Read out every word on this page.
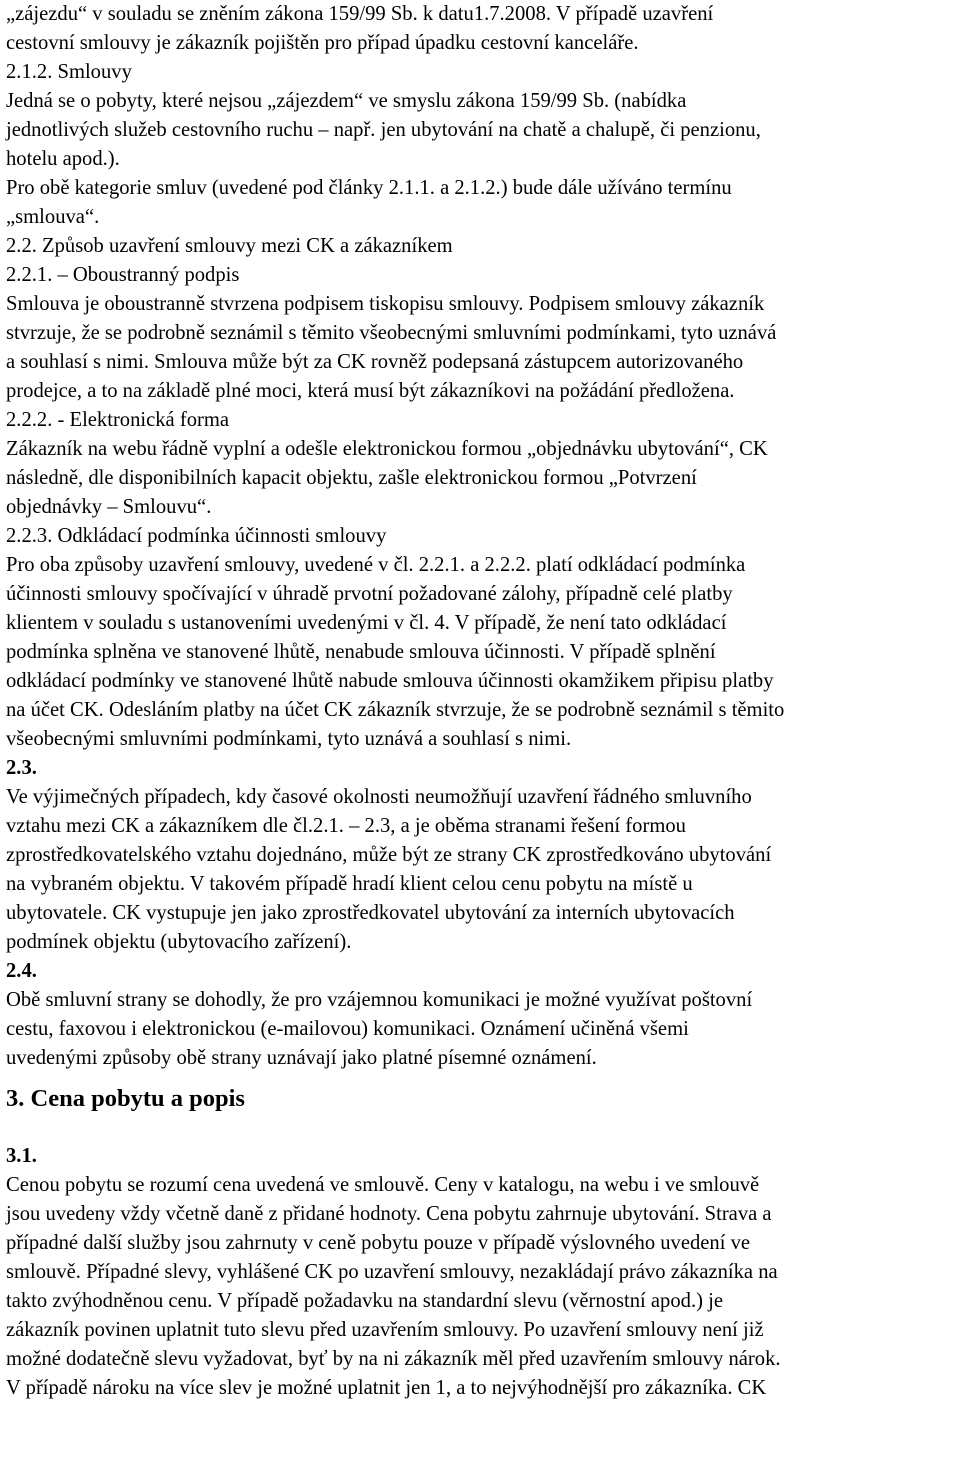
„zájezdu“ v souladu se zněním zákona 159/99 Sb. k datu1.7.2008. V případě uzavření
cestovní smlouvy je zákazník pojištěn pro případ úpadku cestovní kanceláře.
2.1.2. Smlouvy
Jedná se o pobyty, které nejsou „zájezdem“ ve smyslu zákona 159/99 Sb. (nabídka
jednotlivých služeb cestovního ruchu – např. jen ubytování na chatě a chalupě, či penzionu,
hotelu apod.).
Pro obě kategorie smluv (uvedené pod články 2.1.1. a 2.1.2.) bude dále užíváno termínu
„smlouva“.
2.2. Způsob uzavření smlouvy mezi CK a zákazníkem
2.2.1. – Oboustranný podpis
Smlouva je oboustranně stvrzena podpisem tiskopisu smlouvy. Podpisem smlouvy zákazník
stvrzuje, že se podrobně seznámil s těmito všeobecnými smluvními podmínkami, tyto uznává
a souhlasí s nimi. Smlouva může být za CK rovněž podepsaná zástupcem autorizovaného
prodejce, a to na základě plné moci, která musí být zákazníkovi na požádání předložena.
2.2.2. - Elektronická forma
Zákazník na webu řádně vyplní a odešle elektronickou formou „objednávku ubytování“, CK
následně, dle disponibilních kapacit objektu, zašle elektronickou formou „Potvrzení
objednávky – Smlouvu“.
2.2.3. Odkládací podmínka účinnosti smlouvy
Pro oba způsoby uzavření smlouvy, uvedené v čl. 2.2.1. a 2.2.2. platí odkládací podmínka
účinnosti smlouvy spočívající v úhradě prvotní požadované zálohy, případně celé platby
klientem v souladu s ustanoveními uvedenými v čl. 4. V případě, že není tato odkládací
podmínka splněna ve stanovené lhůtě, nenabude smlouva účinnosti. V případě splnění
odkládací podmínky ve stanovené lhůtě nabude smlouva účinnosti okamžikem připisu platby
na účet CK. Odesláním platby na účet CK zákazník stvrzuje, že se podrobně seznámil s těmito
všeobecnými smluvními podmínkami, tyto uznává a souhlasí s nimi.
2.3.
Ve výjimečných případech, kdy časové okolnosti neumožňují uzavření řádného smluvního
vztahu mezi CK a zákazníkem dle čl.2.1. – 2.3, a je oběma stranami řešení formou
zprostředkovatelského vztahu dojednáno, může být ze strany CK zprostředkováno ubytování
na vybraném objektu. V takovém případě hradí klient celou cenu pobytu na místě u
ubytovatele. CK vystupuje jen jako zprostředkovatel ubytování za interních ubytovacích
podmínek objektu (ubytovacího zařízení).
2.4.
Obě smluvní strany se dohodly, že pro vzájemnou komunikaci je možné využívat poštovní
cestu, faxovou i elektronickou (e-mailovou) komunikaci. Oznámení učiněná všemi
uvedenými způsoby obě strany uznávají jako platné písemné oznámení.
3. Cena pobytu a popis
3.1.
Cenou pobytu se rozumí cena uvedená ve smlouvě. Ceny v katalogu, na webu i ve smlouvě
jsou uvedeny vždy včetně daně z přidané hodnoty. Cena pobytu zahrnuje ubytování. Strava a
případné další služby jsou zahrnuty v ceně pobytu pouze v případě výslovného uvedení ve
smlouvě. Případné slevy, vyhlášené CK po uzavření smlouvy, nezakládají právo zákazníka na
takto zvýhodněnou cenu. V případě požadavku na standardní slevu (věrnostní apod.) je
zákazník povinen uplatnit tuto slevu před uzavřením smlouvy. Po uzavření smlouvy není již
možné dodatečně slevu vyžadovat, byť by na ni zákazník měl před uzavřením smlouvy nárok.
V případě nároku na více slev je možné uplatnit jen 1, a to nejvýhodnější pro zákazníka. CK
